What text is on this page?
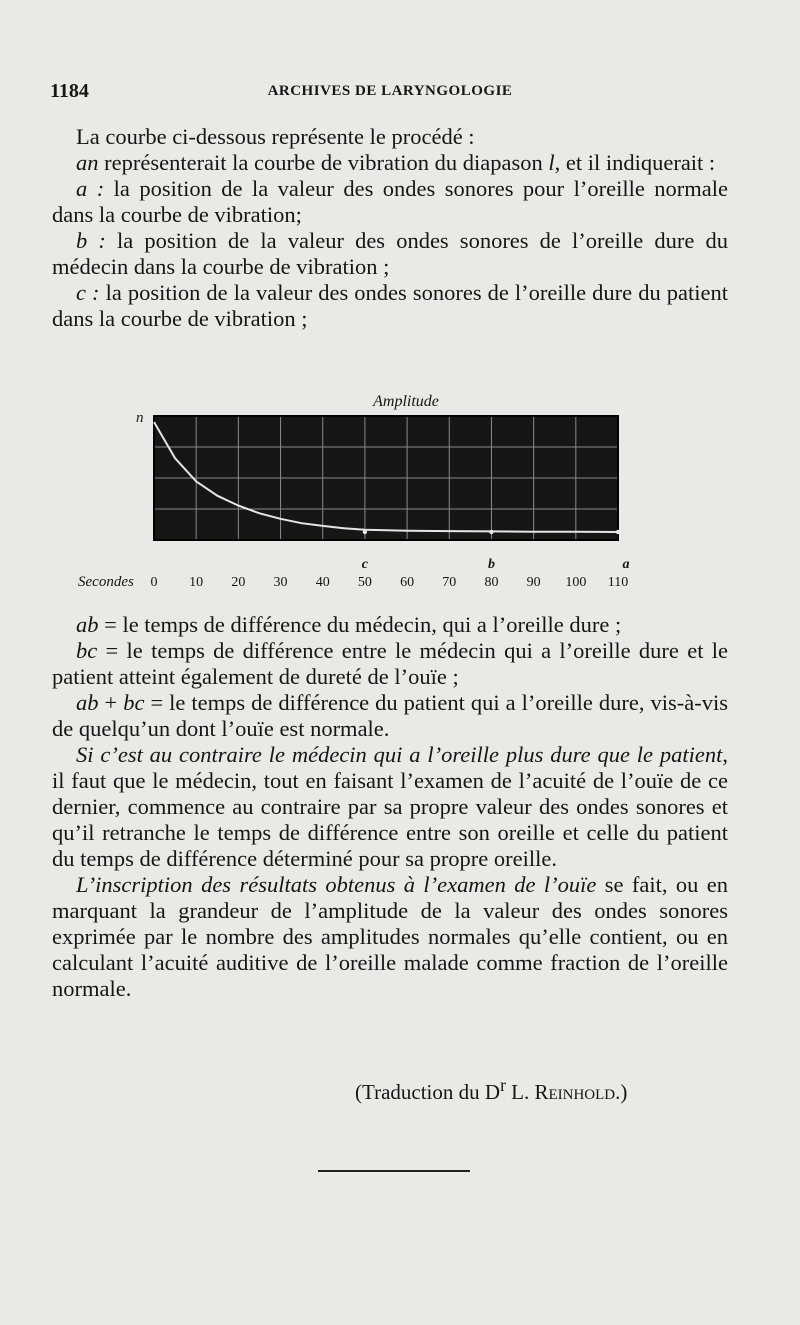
1184	ARCHIVES DE LARYNGOLOGIE

La courbe ci-dessous représente le procédé :

an représenterait la courbe de vibration du diapason l, et il indiquerait :

a : la position de la valeur des ondes sonores pour l’oreille normale dans la courbe de vibration;

b : la position de la valeur des ondes sonores de l’oreille dure du médecin dans la courbe de vibration ;

c : la position de la valeur des ondes sonores de l’oreille dure du patient dans la courbe de vibration ;

Amplitude
n
c	b	a
Secondes 0 10 20 30 40 50 60 70 80 90 100 110

ab = le temps de différence du médecin, qui a l’oreille dure ;

bc = le temps de différence entre le médecin qui a l’oreille dure et le patient atteint également de dureté de l’ouïe ;

ab + bc = le temps de différence du patient qui a l’oreille dure, vis-à-vis de quelqu’un dont l’ouïe est normale.

Si c’est au contraire le médecin qui a l’oreille plus dure que le patient, il faut que le médecin, tout en faisant l’examen de l’acuité de l’ouïe de ce dernier, commence au contraire par sa propre valeur des ondes sonores et qu’il retranche le temps de différence entre son oreille et celle du patient du temps de différence déterminé pour sa propre oreille.

L’inscription des résultats obtenus à l’examen de l’ouïe se fait, ou en marquant la grandeur de l’amplitude de la valeur des ondes sonores exprimée par le nombre des amplitudes normales qu’elle contient, ou en calculant l’acuité auditive de l’oreille malade comme fraction de l’oreille normale.

(Traduction du $D^r$ L. Reinhold.)
